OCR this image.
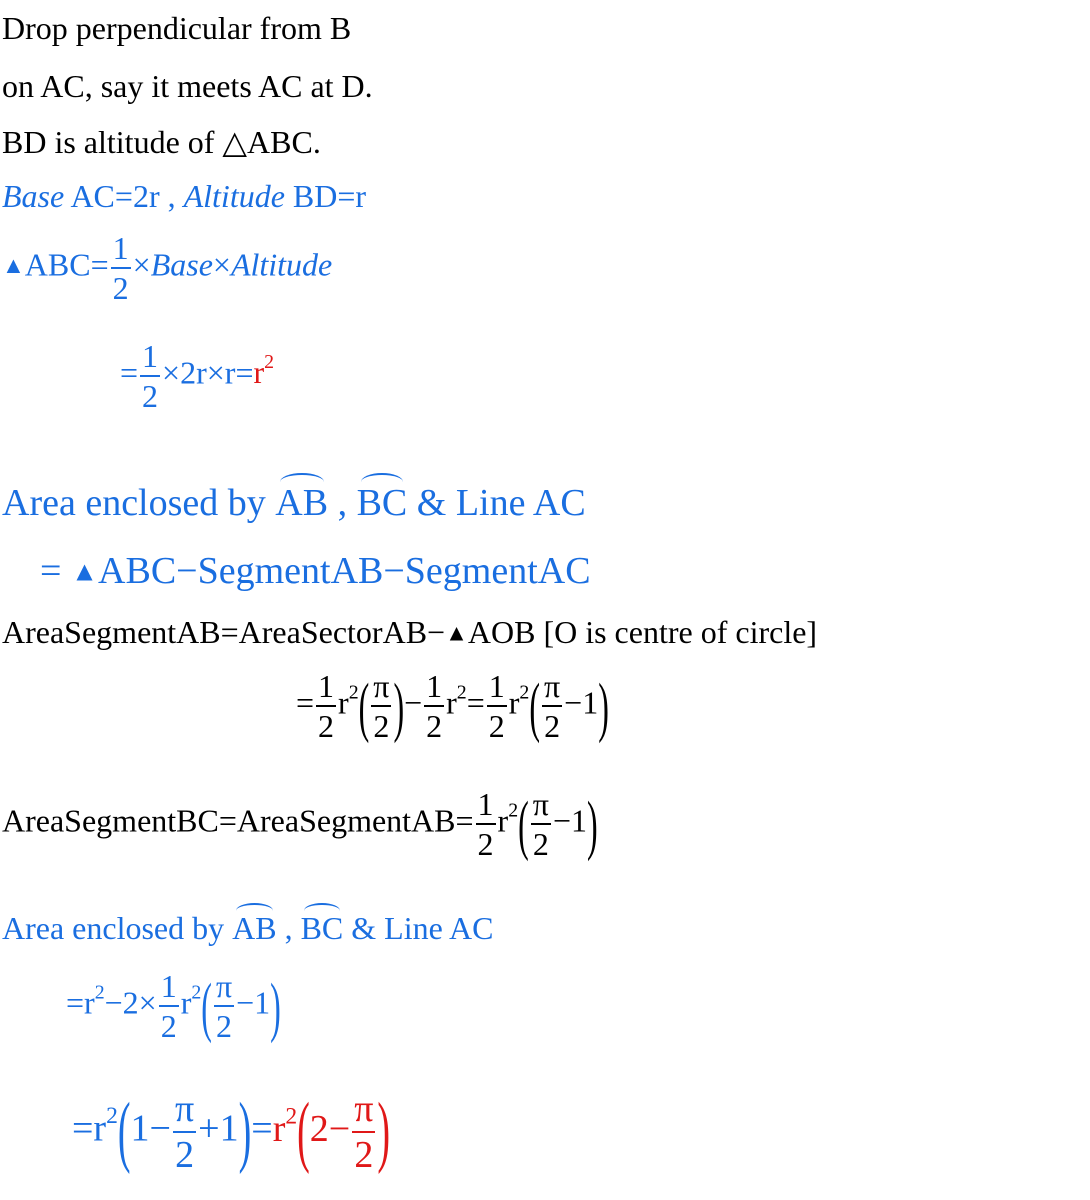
Drop perpendicular from B
on AC, say it meets AC at D.
BD is altitude of △ABC.
Base AC=2r , Altitude BD=r
▲ABC= $\frac{1}{2}$ ×Base×Altitude
= $\frac{1}{2} \times 2r\times r=r^2$
Area enclosed by AB , BC & Line AC
= ▲ABC−SegmentAB−SegmentAC
AreaSegmentAB=AreaSectorAB−▲AOB [O is centre of circle]
= $\frac{1}{2} r^2( \frac{\pi}{2}$ )− $\frac{1}{2} r^2= \frac{1}{2} r^2( \frac{\pi}{2} -1)$
AreaSegmentBC=AreaSegmentAB= $\frac{1}{2} r^2( \frac{\pi}{2} -1)$
Area enclosed by AB , BC & Line AC
$=r^2-2\times \frac{1}{2} r^2( \frac{\pi}{2} -1)$
$=r^2(1- \frac{\pi}{2} +1)=r^2(2- \frac{\pi}{2}$ )
